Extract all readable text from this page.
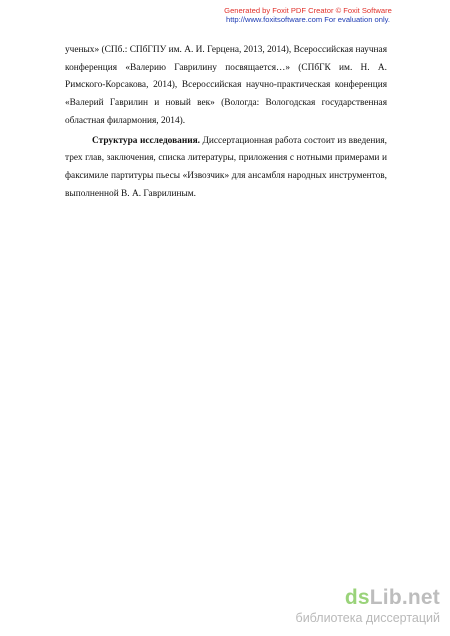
Generated by Foxit PDF Creator © Foxit Software
http://www.foxitsoftware.com For evaluation only.

ученых» (СПб.: СПбГПУ им. А. И. Герцена, 2013, 2014), Всероссийская научная конференция «Валерию Гаврилину посвящается…» (СПбГК им. Н. А. Римского-Корсакова, 2014), Всероссийская научно-практическая конференция «Валерий Гаврилин и новый век» (Вологда: Вологодская государственная областная филармония, 2014).

Структура исследования. Диссертационная работа состоит из введения, трех глав, заключения, списка литературы, приложения с нотными примерами и факсимиле партитуры пьесы «Извозчик» для ансамбля народных инструментов, выполненной В. А. Гаврилиным.

dsLib.net
библиотека диссертаций
